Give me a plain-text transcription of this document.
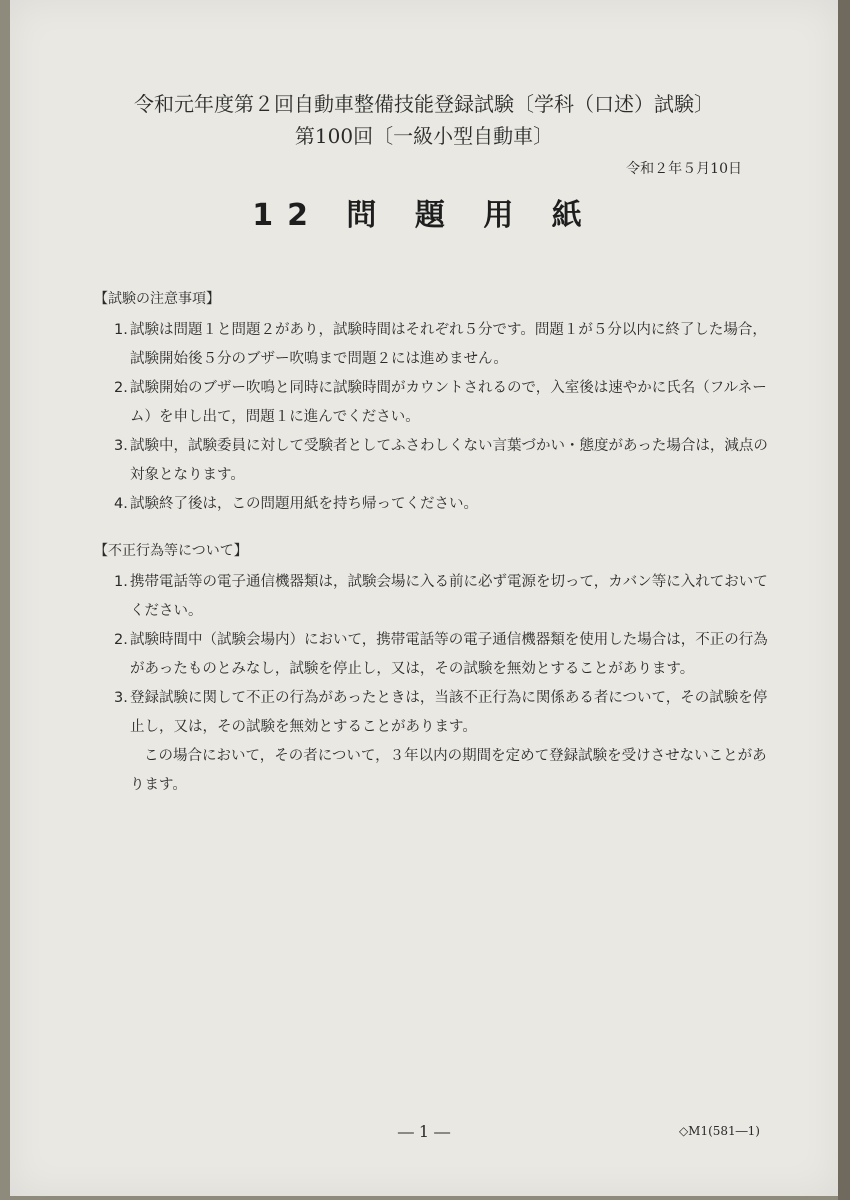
令和元年度第２回自動車整備技能登録試験〔学科（口述）試験〕
第100回〔一級小型自動車〕
令和２年５月10日
12 問 題 用 紙
【試験の注意事項】
1. 試験は問題１と問題２があり，試験時間はそれぞれ５分です。問題１が５分以内に終了した場合，試験開始後５分のブザー吹鳴まで問題２には進めません。
2. 試験開始のブザー吹鳴と同時に試験時間がカウントされるので，入室後は速やかに氏名（フルネーム）を申し出て，問題１に進んでください。
3. 試験中，試験委員に対して受験者としてふさわしくない言葉づかい・態度があった場合は，減点の対象となります。
4. 試験終了後は，この問題用紙を持ち帰ってください。
【不正行為等について】
1. 携帯電話等の電子通信機器類は，試験会場に入る前に必ず電源を切って，カバン等に入れておいてください。
2. 試験時間中（試験会場内）において，携帯電話等の電子通信機器類を使用した場合は，不正の行為があったものとみなし，試験を停止し，又は，その試験を無効とすることがあります。
3. 登録試験に関して不正の行為があったときは，当該不正行為に関係ある者について，その試験を停止し，又は，その試験を無効とすることがあります。
この場合において，その者について，３年以内の期間を定めて登録試験を受けさせないことがあります。
― 1 ―	◇M1(581―1)
